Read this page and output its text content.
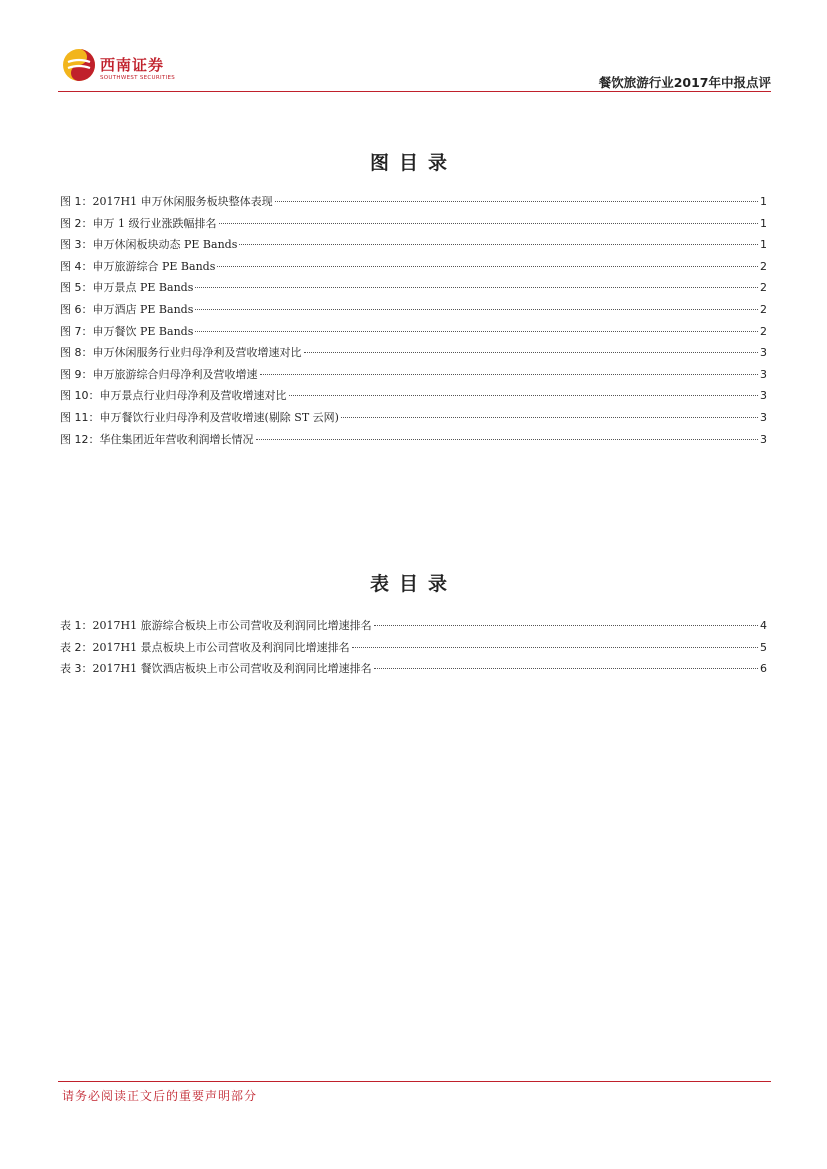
西南证券
SOUTHWEST SECURITIES	餐饮旅游行业2017年中报点评
图目录
图 1： 2017H1 申万休闲服务板块整体表现	1
图 2： 申万 1 级行业涨跌幅排名	1
图 3： 申万休闲板块动态 PE Bands	1
图 4： 申万旅游综合 PE Bands	2
图 5： 申万景点 PE Bands	2
图 6： 申万酒店 PE Bands	2
图 7： 申万餐饮 PE Bands	2
图 8： 申万休闲服务行业归母净利及营收增速对比	3
图 9： 申万旅游综合归母净利及营收增速	3
图 10： 申万景点行业归母净利及营收增速对比	3
图 11： 申万餐饮行业归母净利及营收增速(剔除 ST 云网)	3
图 12： 华住集团近年营收利润增长情况	3
表目录
表 1： 2017H1 旅游综合板块上市公司营收及利润同比增速排名	4
表 2： 2017H1 景点板块上市公司营收及利润同比增速排名	5
表 3： 2017H1 餐饮酒店板块上市公司营收及利润同比增速排名	6
请务必阅读正文后的重要声明部分
